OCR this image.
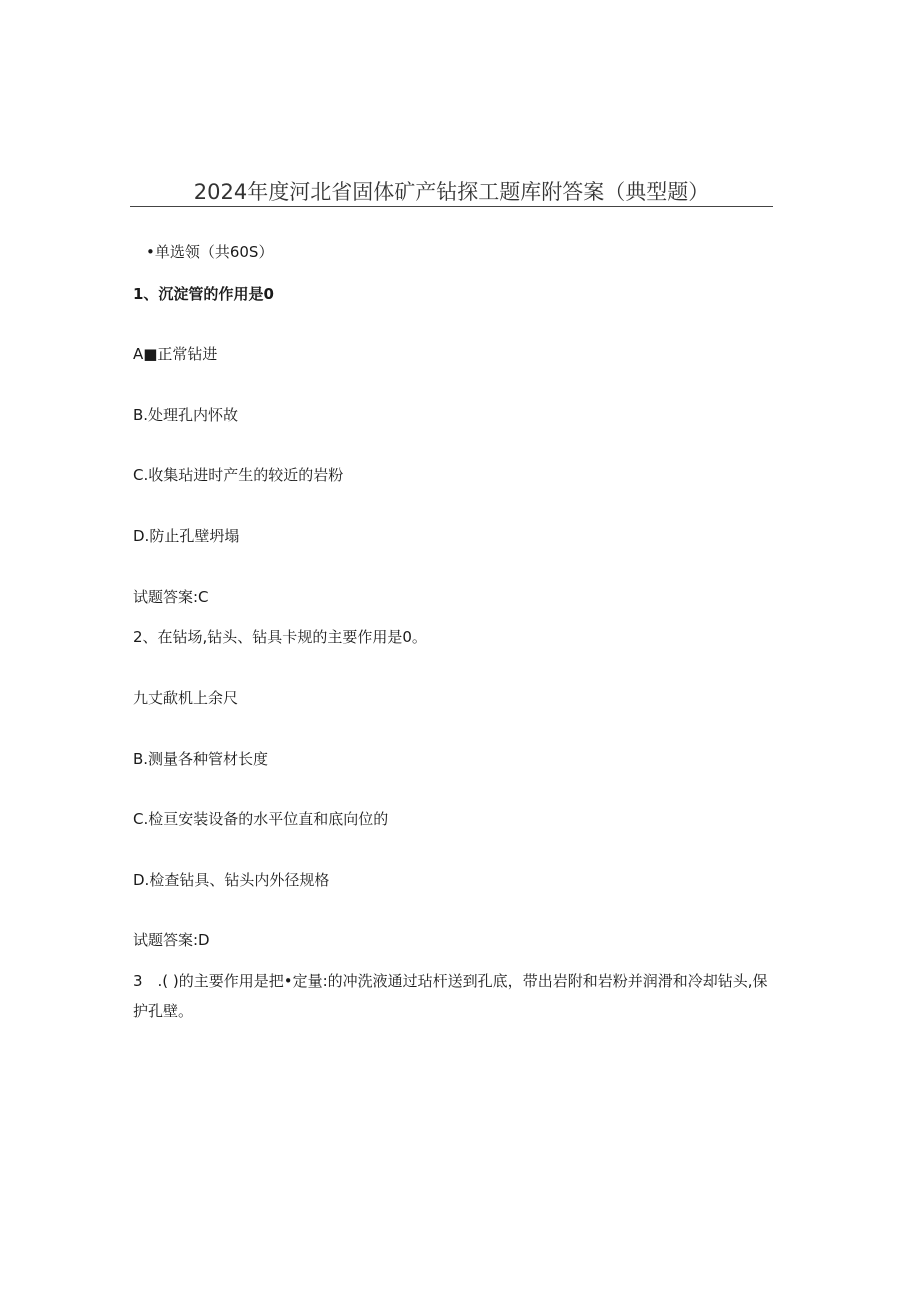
2024年度河北省固体矿产钻探工题库附答案（典型题）
•单选领（共60S）
1、沉淀管的作用是0
A■正常钻进
B.处理孔内怀故
C.收集玷进时产生的较近的岩粉
D.防止孔壁坍塌
试题答案:C
2、在钻场,钻头、钻具卡规的主要作用是0。
九丈歃机上余尺
B.测量各种管材长度
C.检亘安装设备的水平位直和底向位的
D.检查钻具、钻头内外径规格
试题答案:D
3　.( )的主要作用是把•定量:的冲洗液通过玷杆送到孔底，带出岩附和岩粉并润滑和冷却钻头,保护孔壁。
